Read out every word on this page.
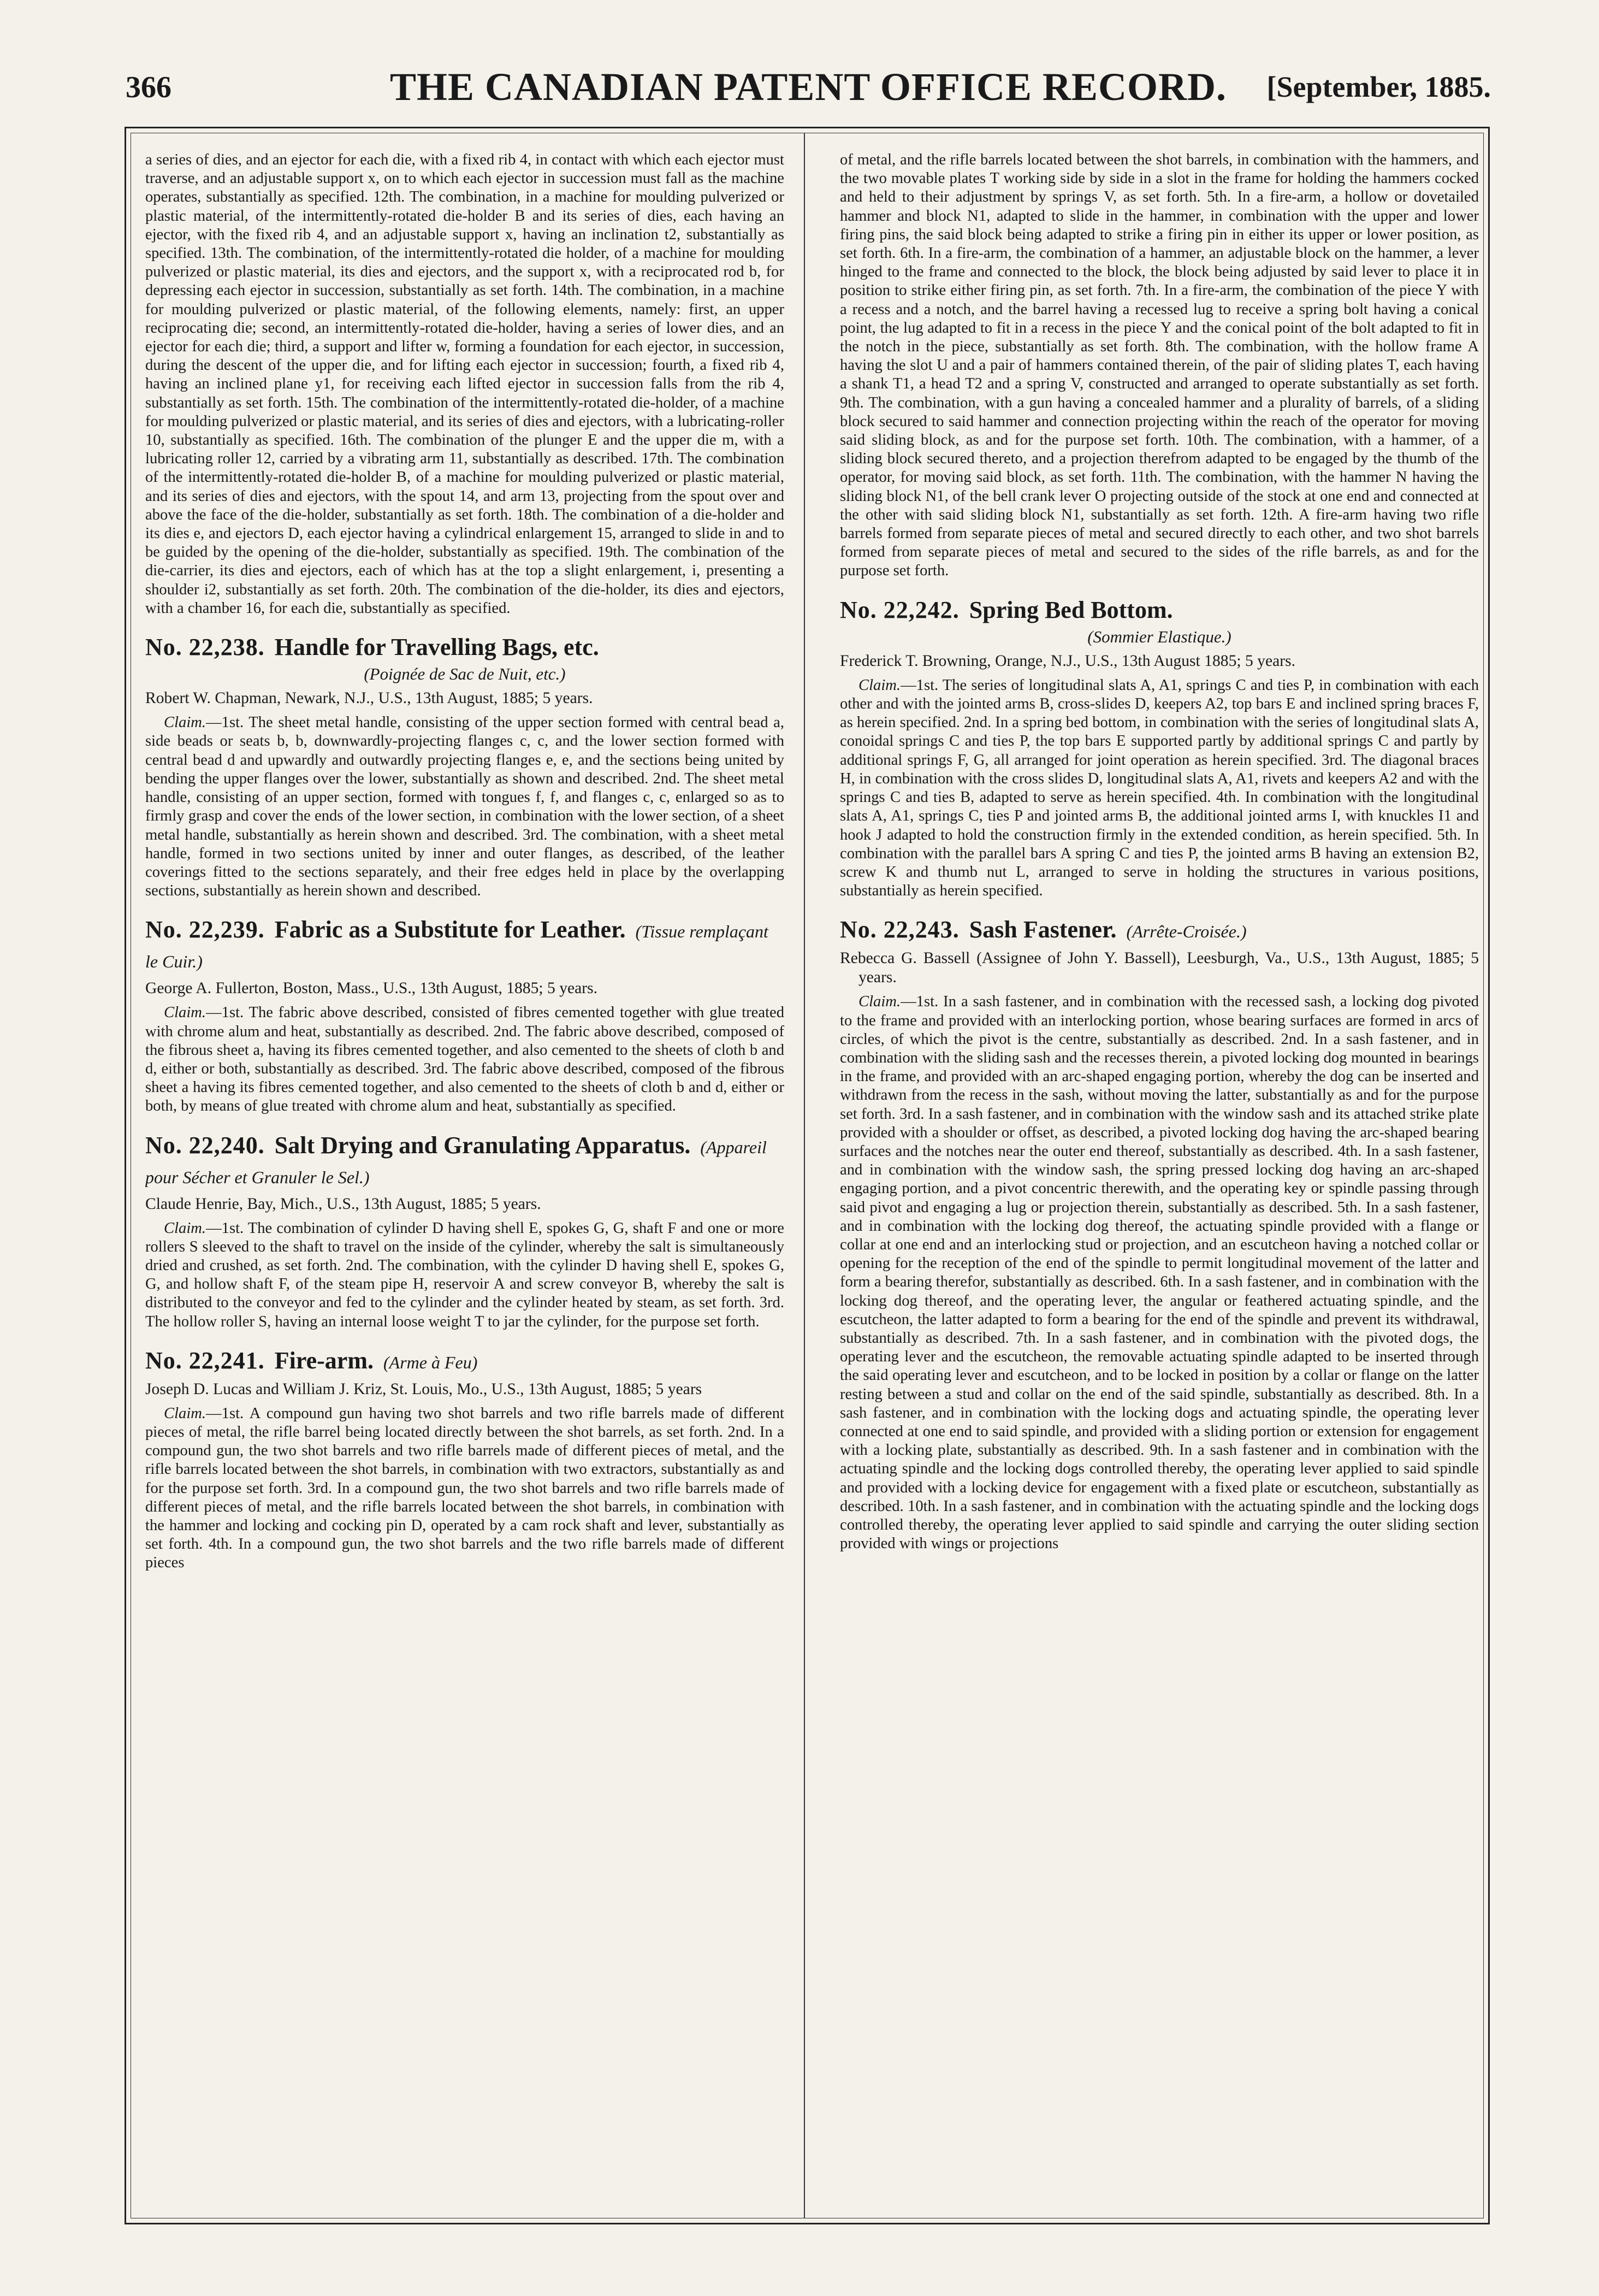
366	THE CANADIAN PATENT OFFICE RECORD.	[September, 1885.

a series of dies, and an ejector for each die, with a fixed rib 4, in contact with which each ejector must traverse, and an adjustable support x, on to which each ejector in succession must fall as the machine operates, substantially as specified. 12th. The combination, in a machine for moulding pulverized or plastic material, of the intermittently-rotated die-holder B and its series of dies, each having an ejector, with the fixed rib 4, and an adjustable support x, having an inclination t2, substantially as specified. 13th. The combination, of the intermittently-rotated die holder, of a machine for moulding pulverized or plastic material, its dies and ejectors, and the support x, with a reciprocated rod b, for depressing each ejector in succession, substantially as set forth. 14th. The combination, in a machine for moulding pulverized or plastic material, of the following elements, namely: first, an upper reciprocating die; second, an intermittently-rotated die-holder, having a series of lower dies, and an ejector for each die; third, a support and lifter w, forming a foundation for each ejector, in succession, during the descent of the upper die, and for lifting each ejector in succession; fourth, a fixed rib 4, having an inclined plane y1, for receiving each lifted ejector in succession falls from the rib 4, substantially as set forth. 15th. The combination of the intermittently-rotated die-holder, of a machine for moulding pulverized or plastic material, and its series of dies and ejectors, with a lubricating-roller 10, substantially as specified. 16th. The combination of the plunger E and the upper die m, with a lubricating roller 12, carried by a vibrating arm 11, substantially as described. 17th. The combination of the intermittently-rotated die-holder B, of a machine for moulding pulverized or plastic material, and its series of dies and ejectors, with the spout 14, and arm 13, projecting from the spout over and above the face of the die-holder, substantially as set forth. 18th. The combination of a die-holder and its dies e, and ejectors D, each ejector having a cylindrical enlargement 15, arranged to slide in and to be guided by the opening of the die-holder, substantially as specified. 19th. The combination of the die-carrier, its dies and ejectors, each of which has at the top a slight enlargement, i, presenting a shoulder i2, substantially as set forth. 20th. The combination of the die-holder, its dies and ejectors, with a chamber 16, for each die, substantially as specified.

No. 22,238. Handle for Travelling Bags, etc.
(Poignée de Sac de Nuit, etc.)

Robert W. Chapman, Newark, N.J., U.S., 13th August, 1885; 5 years.

Claim.—1st. The sheet metal handle, consisting of the upper section formed with central bead a, side beads or seats b, b, downwardly-projecting flanges c, c, and the lower section formed with central bead d and upwardly and outwardly projecting flanges e, e, and the sections being united by bending the upper flanges over the lower, substantially as shown and described. 2nd. The sheet metal handle, consisting of an upper section, formed with tongues f, f, and flanges c, c, enlarged so as to firmly grasp and cover the ends of the lower section, in combination with the lower section, of a sheet metal handle, substantially as herein shown and described. 3rd. The combination, with a sheet metal handle, formed in two sections united by inner and outer flanges, as described, of the leather coverings fitted to the sections separately, and their free edges held in place by the overlapping sections, substantially as herein shown and described.

No. 22,239. Fabric as a Substitute for Leather. (Tissue remplaçant le Cuir.)

George A. Fullerton, Boston, Mass., U.S., 13th August, 1885; 5 years.

Claim.—1st. The fabric above described, consisted of fibres cemented together with glue treated with chrome alum and heat, substantially as described. 2nd. The fabric above described, composed of the fibrous sheet a, having its fibres cemented together, and also cemented to the sheets of cloth b and d, either or both, substantially as described. 3rd. The fabric above described, composed of the fibrous sheet a having its fibres cemented together, and also cemented to the sheets of cloth b and d, either or both, by means of glue treated with chrome alum and heat, substantially as specified.

No. 22,240. Salt Drying and Granulating Apparatus. (Appareil pour Sécher et Granuler le Sel.)

Claude Henrie, Bay, Mich., U.S., 13th August, 1885; 5 years.

Claim.—1st. The combination of cylinder D having shell E, spokes G, G, shaft F and one or more rollers S sleeved to the shaft to travel on the inside of the cylinder, whereby the salt is simultaneously dried and crushed, as set forth. 2nd. The combination, with the cylinder D having shell E, spokes G, G, and hollow shaft F, of the steam pipe H, reservoir A and screw conveyor B, whereby the salt is distributed to the conveyor and fed to the cylinder and the cylinder heated by steam, as set forth. 3rd. The hollow roller S, having an internal loose weight T to jar the cylinder, for the purpose set forth.

No. 22,241. Fire-arm. (Arme à Feu)

Joseph D. Lucas and William J. Kriz, St. Louis, Mo., U.S., 13th August, 1885; 5 years

Claim.—1st. A compound gun having two shot barrels and two rifle barrels made of different pieces of metal, the rifle barrel being located directly between the shot barrels, as set forth. 2nd. In a compound gun, the two shot barrels and two rifle barrels made of different pieces of metal, and the rifle barrels located between the shot barrels, in combination with two extractors, substantially as and for the purpose set forth. 3rd. In a compound gun, the two shot barrels and two rifle barrels made of different pieces of metal, and the rifle barrels located between the shot barrels, in combination with the hammer and locking and cocking pin D, operated by a cam rock shaft and lever, substantially as set forth. 4th. In a compound gun, the two shot barrels and the two rifle barrels made of different pieces

of metal, and the rifle barrels located between the shot barrels, in combination with the hammers, and the two movable plates T working side by side in a slot in the frame for holding the hammers cocked and held to their adjustment by springs V, as set forth. 5th. In a fire-arm, a hollow or dovetailed hammer and block N1, adapted to slide in the hammer, in combination with the upper and lower firing pins, the said block being adapted to strike a firing pin in either its upper or lower position, as set forth. 6th. In a fire-arm, the combination of a hammer, an adjustable block on the hammer, a lever hinged to the frame and connected to the block, the block being adjusted by said lever to place it in position to strike either firing pin, as set forth. 7th. In a fire-arm, the combination of the piece Y with a recess and a notch, and the barrel having a recessed lug to receive a spring bolt having a conical point, the lug adapted to fit in a recess in the piece Y and the conical point of the bolt adapted to fit in the notch in the piece, substantially as set forth. 8th. The combination, with the hollow frame A having the slot U and a pair of hammers contained therein, of the pair of sliding plates T, each having a shank T1, a head T2 and a spring V, constructed and arranged to operate substantially as set forth. 9th. The combination, with a gun having a concealed hammer and a plurality of barrels, of a sliding block secured to said hammer and connection projecting within the reach of the operator for moving said sliding block, as and for the purpose set forth. 10th. The combination, with a hammer, of a sliding block secured thereto, and a projection therefrom adapted to be engaged by the thumb of the operator, for moving said block, as set forth. 11th. The combination, with the hammer N having the sliding block N1, of the bell crank lever O projecting outside of the stock at one end and connected at the other with said sliding block N1, substantially as set forth. 12th. A fire-arm having two rifle barrels formed from separate pieces of metal and secured directly to each other, and two shot barrels formed from separate pieces of metal and secured to the sides of the rifle barrels, as and for the purpose set forth.

No. 22,242. Spring Bed Bottom.
(Sommier Elastique.)

Frederick T. Browning, Orange, N.J., U.S., 13th August 1885; 5 years.

Claim.—1st. The series of longitudinal slats A, A1, springs C and ties P, in combination with each other and with the jointed arms B, cross-slides D, keepers A2, top bars E and inclined spring braces F, as herein specified. 2nd. In a spring bed bottom, in combination with the series of longitudinal slats A, conoidal springs C and ties P, the top bars E supported partly by additional springs C and partly by additional springs F, G, all arranged for joint operation as herein specified. 3rd. The diagonal braces H, in combination with the cross slides D, longitudinal slats A, A1, rivets and keepers A2 and with the springs C and ties B, adapted to serve as herein specified. 4th. In combination with the longitudinal slats A, A1, springs C, ties P and jointed arms B, the additional jointed arms I, with knuckles I1 and hook J adapted to hold the construction firmly in the extended condition, as herein specified. 5th. In combination with the parallel bars A spring C and ties P, the jointed arms B having an extension B2, screw K and thumb nut L, arranged to serve in holding the structures in various positions, substantially as herein specified.

No. 22,243. Sash Fastener. (Arrête-Croisée.)

Rebecca G. Bassell (Assignee of John Y. Bassell), Leesburgh, Va., U.S., 13th August, 1885; 5 years.

Claim.—1st. In a sash fastener, and in combination with the recessed sash, a locking dog pivoted to the frame and provided with an interlocking portion, whose bearing surfaces are formed in arcs of circles, of which the pivot is the centre, substantially as described. 2nd. In a sash fastener, and in combination with the sliding sash and the recesses therein, a pivoted locking dog mounted in bearings in the frame, and provided with an arc-shaped engaging portion, whereby the dog can be inserted and withdrawn from the recess in the sash, without moving the latter, substantially as and for the purpose set forth. 3rd. In a sash fastener, and in combination with the window sash and its attached strike plate provided with a shoulder or offset, as described, a pivoted locking dog having the arc-shaped bearing surfaces and the notches near the outer end thereof, substantially as described. 4th. In a sash fastener, and in combination with the window sash, the spring pressed locking dog having an arc-shaped engaging portion, and a pivot concentric therewith, and the operating key or spindle passing through said pivot and engaging a lug or projection therein, substantially as described. 5th. In a sash fastener, and in combination with the locking dog thereof, the actuating spindle provided with a flange or collar at one end and an interlocking stud or projection, and an escutcheon having a notched collar or opening for the reception of the end of the spindle to permit longitudinal movement of the latter and form a bearing therefor, substantially as described. 6th. In a sash fastener, and in combination with the locking dog thereof, and the operating lever, the angular or feathered actuating spindle, and the escutcheon, the latter adapted to form a bearing for the end of the spindle and prevent its withdrawal, substantially as described. 7th. In a sash fastener, and in combination with the pivoted dogs, the operating lever and the escutcheon, the removable actuating spindle adapted to be inserted through the said operating lever and escutcheon, and to be locked in position by a collar or flange on the latter resting between a stud and collar on the end of the said spindle, substantially as described. 8th. In a sash fastener, and in combination with the locking dogs and actuating spindle, the operating lever connected at one end to said spindle, and provided with a sliding portion or extension for engagement with a locking plate, substantially as described. 9th. In a sash fastener and in combination with the actuating spindle and the locking dogs controlled thereby, the operating lever applied to said spindle and provided with a locking device for engagement with a fixed plate or escutcheon, substantially as described. 10th. In a sash fastener, and in combination with the actuating spindle and the locking dogs controlled thereby, the operating lever applied to said spindle and carrying the outer sliding section provided with wings or projections
